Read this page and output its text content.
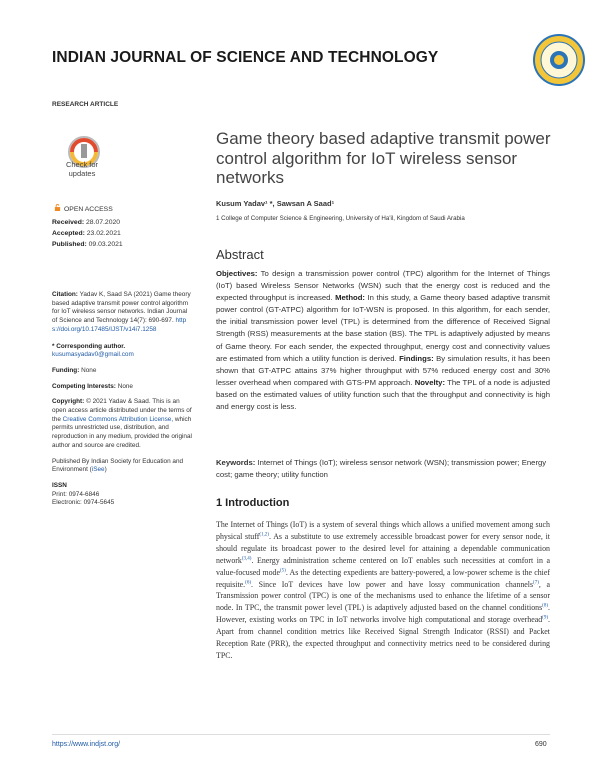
INDIAN JOURNAL OF SCIENCE AND TECHNOLOGY
RESEARCH ARTICLE
Check for
updates
Game theory based adaptive transmit power control algorithm for IoT wireless sensor networks
Kusum Yadav¹ *, Sawsan A Saad¹
1 College of Computer Science & Engineering, University of Ha'il, Kingdom of Saudi Arabia
OPEN ACCESS
Received: 28.07.2020
Accepted: 23.02.2021
Published: 09.03.2021
Citation: Yadav K, Saad SA (2021) Game theory based adaptive transmit power control algorithm for IoT wireless sensor networks. Indian Journal of Science and Technology 14(7): 690-697. https://doi.org/10.17485/IJST/v14i7.1258
* Corresponding author.
kusumasyadav0@gmail.com
Funding: None
Competing Interests: None
Copyright: © 2021 Yadav & Saad. This is an open access article distributed under the terms of the Creative Commons Attribution License, which permits unrestricted use, distribution, and reproduction in any medium, provided the original author and source are credited.
Published By Indian Society for Education and Environment (iSee)
ISSN
Print: 0974-6846
Electronic: 0974-5645
Abstract
Objectives: To design a transmission power control (TPC) algorithm for the Internet of Things (IoT) based Wireless Sensor Networks (WSN) such that the energy cost is reduced and the expected throughput is increased. Method: In this study, a Game theory based adaptive transmit power control (GT-ATPC) algorithm for IoT-WSN is proposed. In this algorithm, for each sender, the initial transmission power level (TPL) is determined from the difference of Received Signal Strength (RSS) measurements at the base station (BS). The TPL is adaptively adjusted by means of Game theory. For each sender, the expected throughput, energy cost and connectivity values are estimated from which a utility function is derived. Findings: By simulation results, it has been shown that GT-ATPC attains 37% higher throughput with 57% reduced energy cost and 30% lesser overhead when compared with GTS-PM approach. Novelty: The TPL of a node is adjusted based on the estimated values of utility function such that the throughput and connectivity is high and energy cost is less.
Keywords: Internet of Things (IoT); wireless sensor network (WSN); transmission power; Energy cost; game theory; utility function
1 Introduction
The Internet of Things (IoT) is a system of several things which allows a unified movement among such physical stuff$^{(1,2)}$. As a substitute to use extremely accessible broadcast power for every sensor node, it should regulate its broadcast power to the desired level for attaining a dependable communication network$^{(3,4)}$. Energy administration scheme centered on IoT enables such necessities at comfort in a value-focused mode$^{(5)}$. As the detecting expedients are battery-powered, a low-power scheme is the chief requisite.$^{(6)}$. Since IoT devices have low power and have lossy communication channels$^{(7)}$, a Transmission power control (TPC) is one of the mechanisms used to enhance the lifetime of a sensor node. In TPC, the transmit power level (TPL) is adaptively adjusted based on the channel conditions$^{(8)}$. However, existing works on TPC in IoT networks involve high computational and storage overhead$^{(9)}$. Apart from channel condition metrics like Received Signal Strength Indicator (RSSI) and Packet Reception Rate (PRR), the expected throughput and connectivity metrics need to be considered during TPC.
https://www.indjst.org/	690
